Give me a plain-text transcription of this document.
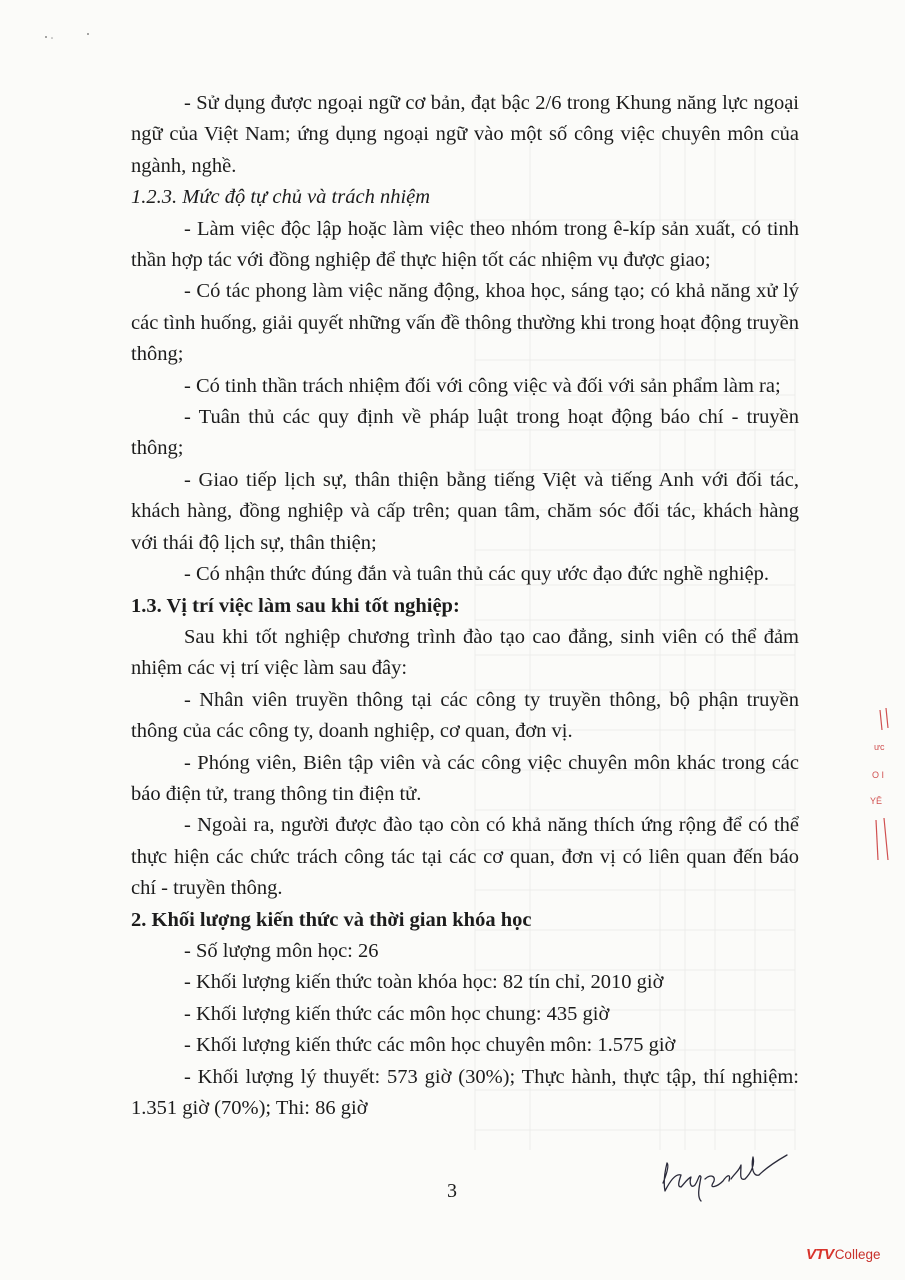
- Sử dụng được ngoại ngữ cơ bản, đạt bậc 2/6 trong Khung năng lực ngoại ngữ của Việt Nam; ứng dụng ngoại ngữ vào một số công việc chuyên môn của ngành, nghề.

1.2.3. Mức độ tự chủ và trách nhiệm

- Làm việc độc lập hoặc làm việc theo nhóm trong ê-kíp sản xuất, có tinh thần hợp tác với đồng nghiệp để thực hiện tốt các nhiệm vụ được giao;

- Có tác phong làm việc năng động, khoa học, sáng tạo; có khả năng xử lý các tình huống, giải quyết những vấn đề thông thường khi trong hoạt động truyền thông;

- Có tinh thần trách nhiệm đối với công việc và đối với sản phẩm làm ra;

- Tuân thủ các quy định về pháp luật trong hoạt động báo chí - truyền thông;

- Giao tiếp lịch sự, thân thiện bằng tiếng Việt và tiếng Anh với đối tác, khách hàng, đồng nghiệp và cấp trên; quan tâm, chăm sóc đối tác, khách hàng với thái độ lịch sự, thân thiện;

- Có nhận thức đúng đắn và tuân thủ các quy ước đạo đức nghề nghiệp.

1.3. Vị trí việc làm sau khi tốt nghiệp:

Sau khi tốt nghiệp chương trình đào tạo cao đẳng, sinh viên có thể đảm nhiệm các vị trí việc làm sau đây:

- Nhân viên truyền thông tại các công ty truyền thông, bộ phận truyền thông của các công ty, doanh nghiệp, cơ quan, đơn vị.

- Phóng viên, Biên tập viên và các công việc chuyên môn khác trong các báo điện tử, trang thông tin điện tử.

- Ngoài ra, người được đào tạo còn có khả năng thích ứng rộng để có thể thực hiện các chức trách công tác tại các cơ quan, đơn vị có liên quan đến báo chí - truyền thông.

2. Khối lượng kiến thức và thời gian khóa học

- Số lượng môn học: 26

- Khối lượng kiến thức toàn khóa học: 82 tín chỉ, 2010 giờ

- Khối lượng kiến thức các môn học chung: 435 giờ

- Khối lượng kiến thức các môn học chuyên môn: 1.575 giờ

- Khối lượng lý thuyết: 573 giờ (30%); Thực hành, thực tập, thí nghiệm: 1.351 giờ (70%); Thi: 86 giờ

3
ưc
O I
YÊ
VTV College
